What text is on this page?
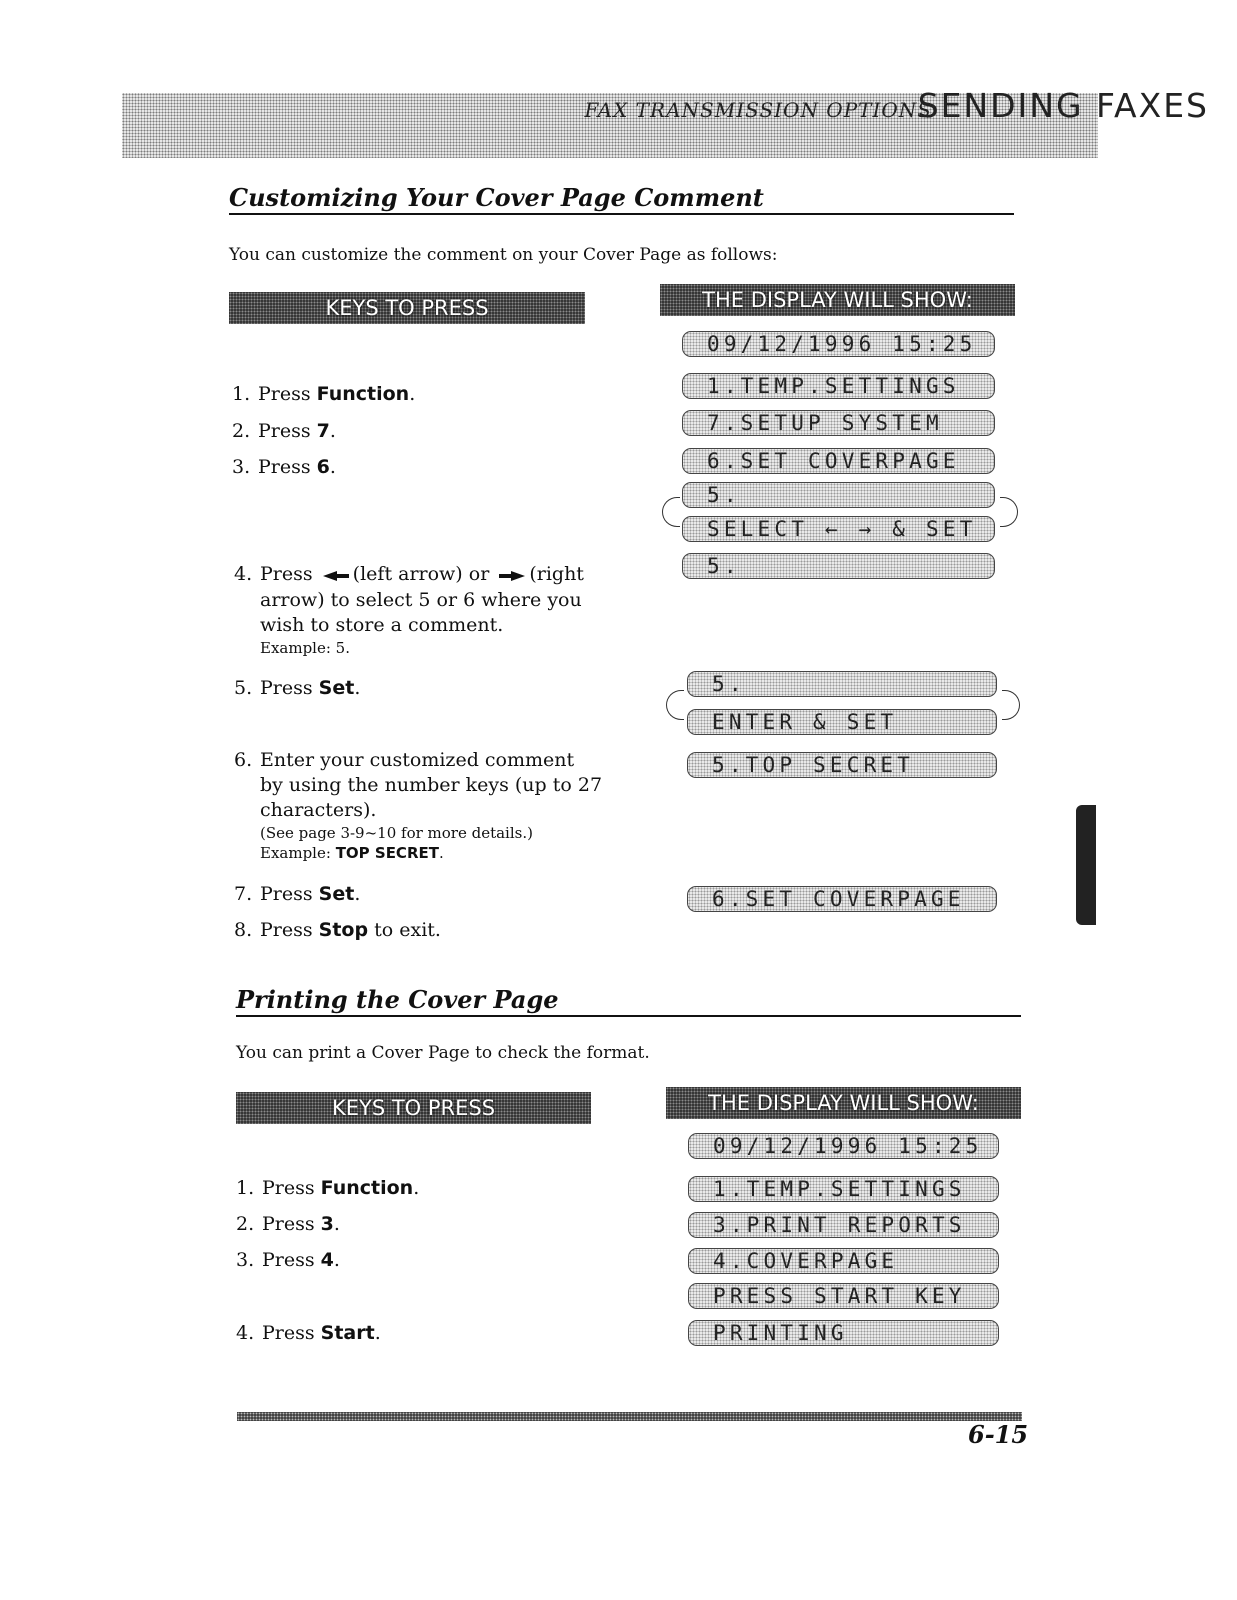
FAX TRANSMISSION OPTIONS
SENDING FAXES
Customizing Your Cover Page Comment
You can customize the comment on your Cover Page as follows:
KEYS TO PRESS	THE DISPLAY WILL SHOW:
1. Press Function.
2. Press 7.
3. Press 6.
4. Press (left arrow) or (right
arrow) to select 5 or 6 where you
wish to store a comment.
Example: 5.
5. Press Set.
6. Enter your customized comment
by using the number keys (up to 27
characters).
(See page 3-9~10 for more details.)
Example: TOP SECRET.
7. Press Set.
8. Press Stop to exit.
09/12/1996 15:25
1.TEMP.SETTINGS
7.SETUP SYSTEM
6.SET COVERPAGE
5.
SELECT ← → & SET
5.
5.
ENTER & SET
5.TOP SECRET
6.SET COVERPAGE
Printing the Cover Page
You can print a Cover Page to check the format.
KEYS TO PRESS	THE DISPLAY WILL SHOW:
1. Press Function.
2. Press 3.
3. Press 4.
4. Press Start.
09/12/1996 15:25
1.TEMP.SETTINGS
3.PRINT REPORTS
4.COVERPAGE
PRESS START KEY
PRINTING
6-15
